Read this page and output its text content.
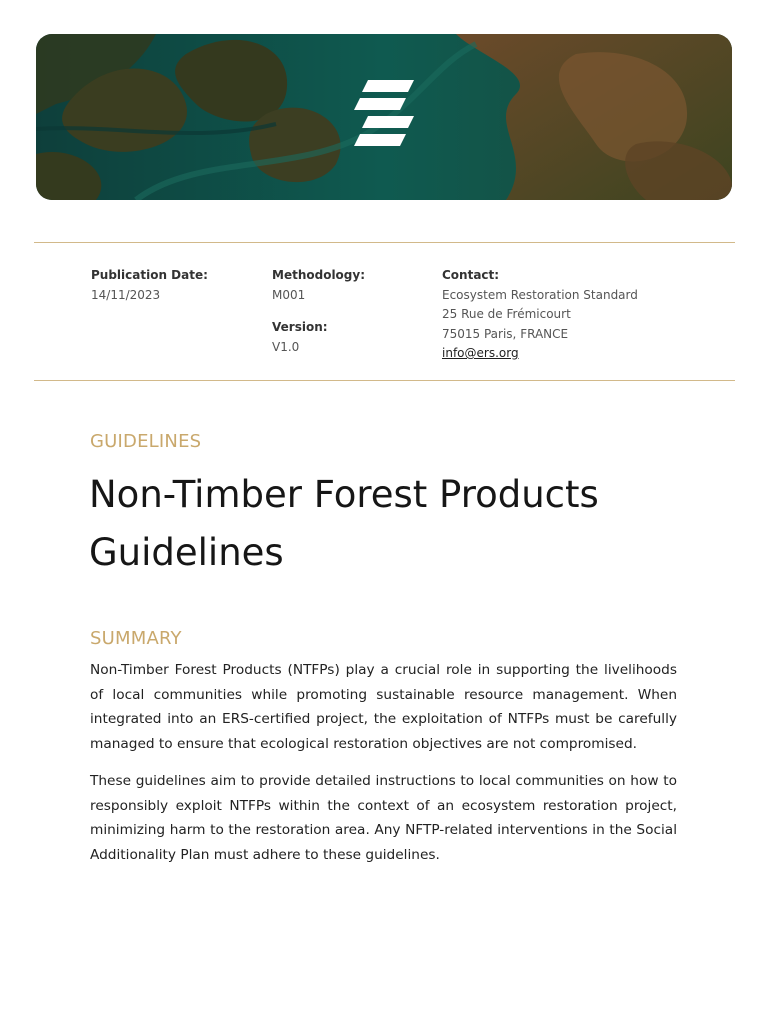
Publication Date:
14/11/2023
Methodology:
M001
Version:
V1.0
Contact:
Ecosystem Restoration Standard
25 Rue de Frémicourt
75015 Paris, FRANCE
info@ers.org
GUIDELINES
Non-Timber Forest Products
Guidelines
SUMMARY

Non-Timber Forest Products (NTFPs) play a crucial role in supporting the livelihoods of local communities while promoting sustainable resource management. When integrated into an ERS-certified project, the exploitation of NTFPs must be carefully managed to ensure that ecological restoration objectives are not compromised.

These guidelines aim to provide detailed instructions to local communities on how to responsibly exploit NTFPs within the context of an ecosystem restoration project, minimizing harm to the restoration area. Any NFTP-related interventions in the Social Additionality Plan must adhere to these guidelines.
